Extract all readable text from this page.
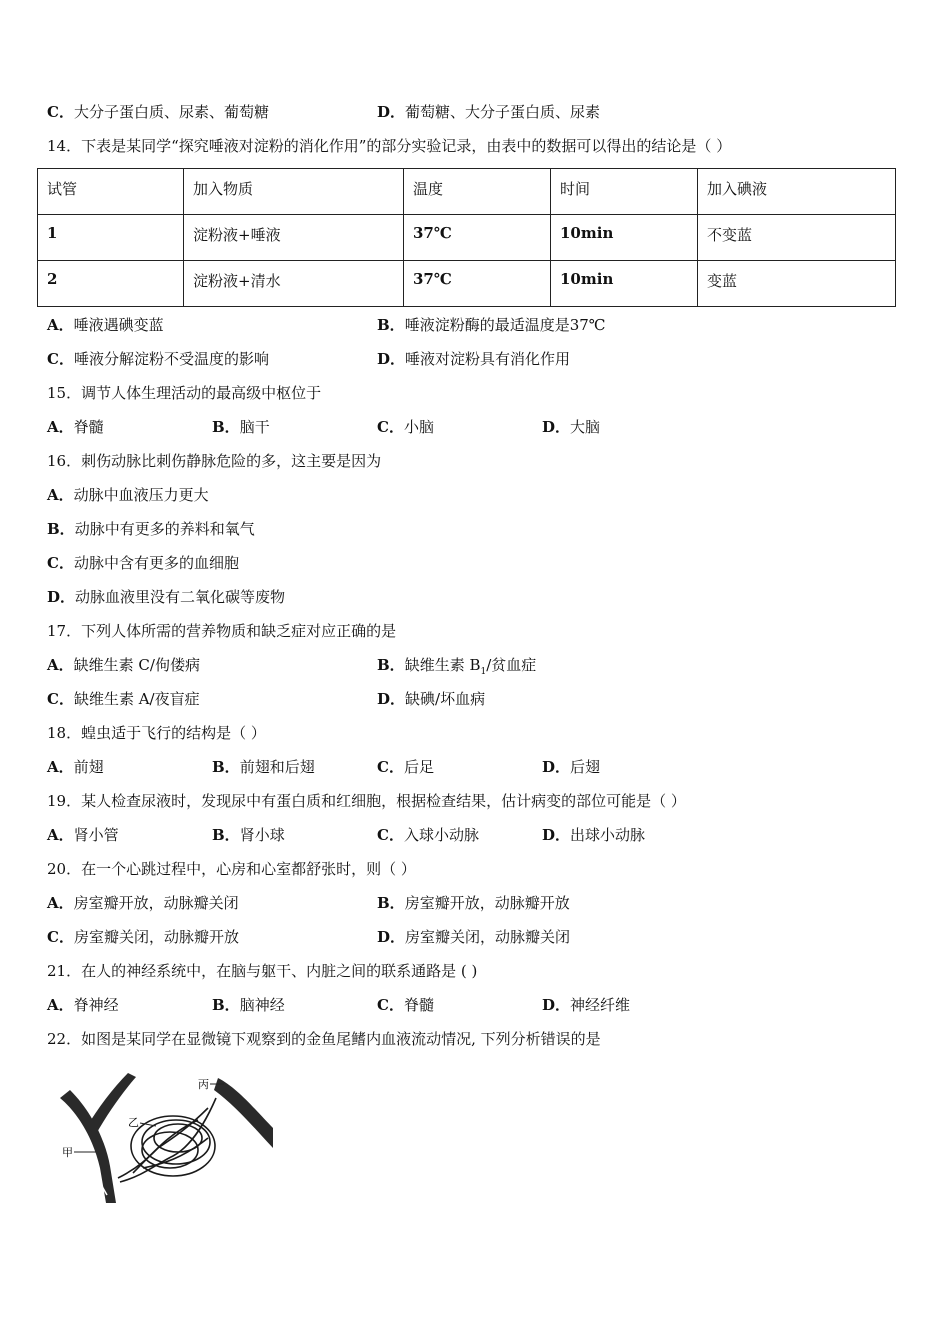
C．大分子蛋白质、尿素、葡萄糖	D．葡萄糖、大分子蛋白质、尿素
14．下表是某同学“探究唾液对淀粉的消化作用”的部分实验记录，由表中的数据可以得出的结论是（ ）
试管	加入物质	温度	时间	加入碘液
1	淀粉液+唾液	37℃	10min	不变蓝
2	淀粉液+清水	37℃	10min	变蓝
A．唾液遇碘变蓝	B．唾液淀粉酶的最适温度是37℃
C．唾液分解淀粉不受温度的影响	D．唾液对淀粉具有消化作用
15．调节人体生理活动的最高级中枢位于
A．脊髓	B．脑干	C．小脑	D．大脑
16．刺伤动脉比刺伤静脉危险的多，这主要是因为
A．动脉中血液压力更大
B．动脉中有更多的养料和氧气
C．动脉中含有更多的血细胞
D．动脉血液里没有二氧化碳等废物
17．下列人体所需的营养物质和缺乏症对应正确的是
A．缺维生素 C/佝偻病	B．缺维生素 $B_1/$贫血症
C．缺维生素 A/夜盲症	D．缺碘/坏血病
18．蝗虫适于飞行的结构是（ ）
A．前翅	B．前翅和后翅	C．后足	D．后翅
19．某人检查尿液时，发现尿中有蛋白质和红细胞，根据检查结果，估计病变的部位可能是（ ）
A．肾小管	B．肾小球	C．入球小动脉	D．出球小动脉
20．在一个心跳过程中，心房和心室都舒张时，则（ ）
A．房室瓣开放，动脉瓣关闭	B．房室瓣开放，动脉瓣开放
C．房室瓣关闭，动脉瓣开放	D．房室瓣关闭，动脉瓣关闭
21．在人的神经系统中，在脑与躯干、内脏之间的联系通路是 ( )
A．脊神经	B．脑神经	C．脊髓	D．神经纤维
22．如图是某同学在显微镜下观察到的金鱼尾鳍内血液流动情况, 下列分析错误的是
甲
乙
丙
